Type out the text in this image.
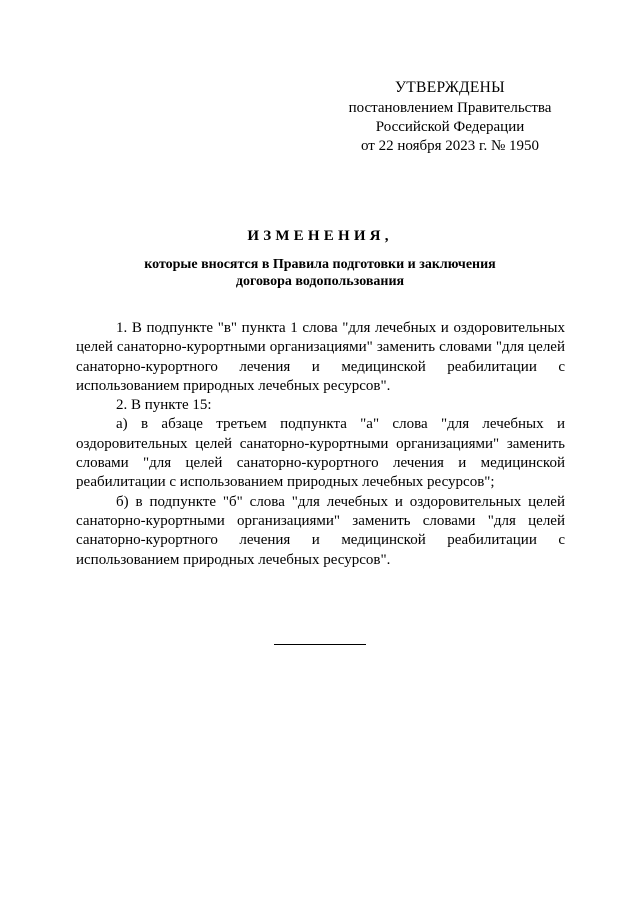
УТВЕРЖДЕНЫ
постановлением Правительства
Российской Федерации
от 22 ноября 2023 г. № 1950
ИЗМЕНЕНИЯ,
которые вносятся в Правила подготовки и заключения
договора водопользования

1. В подпункте "в" пункта 1 слова "для лечебных и оздоровительных целей санаторно-курортными организациями" заменить словами "для целей санаторно-курортного лечения и медицинской реабилитации с использованием природных лечебных ресурсов".

2. В пункте 15:

а) в абзаце третьем подпункта "а" слова "для лечебных и оздоровительных целей санаторно-курортными организациями" заменить словами "для целей санаторно-курортного лечения и медицинской реабилитации с использованием природных лечебных ресурсов";

б) в подпункте "б" слова "для лечебных и оздоровительных целей санаторно-курортными организациями" заменить словами "для целей санаторно-курортного лечения и медицинской реабилитации с использованием природных лечебных ресурсов".
